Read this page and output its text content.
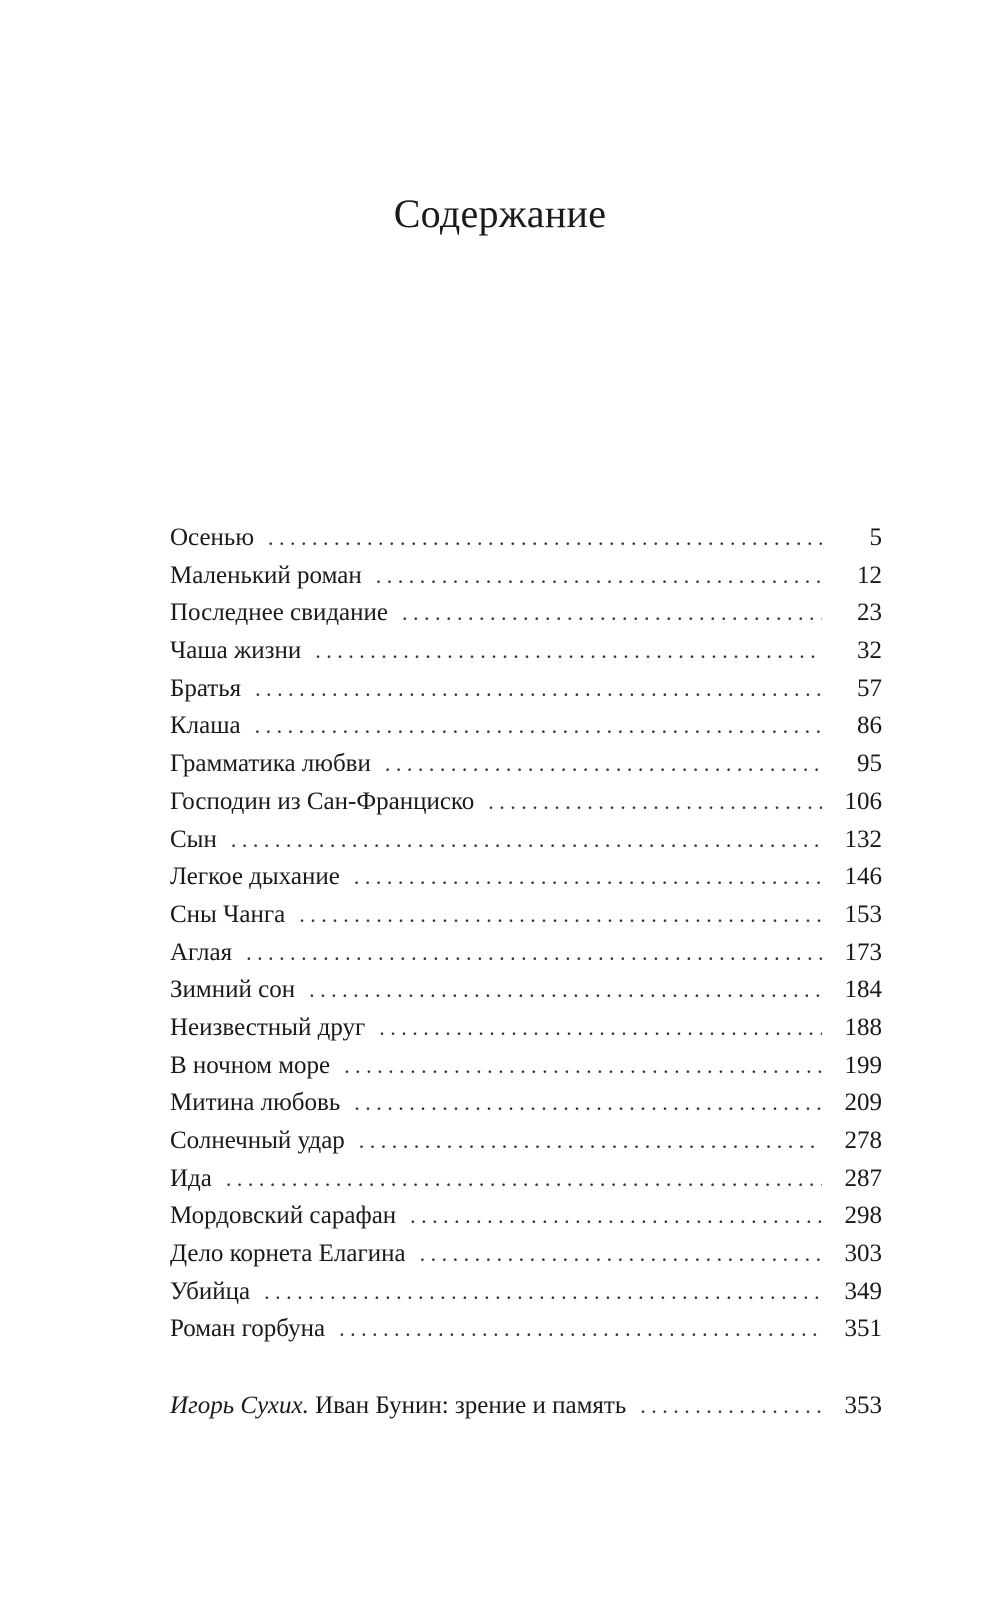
Содержание
Осенью . . .	5
Маленький роман . . .	12
Последнее свидание . . .	23
Чаша жизни . . .	32
Братья . . .	57
Клаша . . .	86
Грамматика любви . . .	95
Господин из Сан-Франциско . . .	106
Сын . . .	132
Легкое дыхание . . .	146
Сны Чанга . . .	153
Аглая . . .	173
Зимний сон . . .	184
Неизвестный друг . . .	188
В ночном море . . .	199
Митина любовь . . .	209
Солнечный удар . . .	278
Ида . . .	287
Мордовский сарафан . . .	298
Дело корнета Елагина . . .	303
Убийца . . .	349
Роман горбуна . . .	351
Игорь Сухих. Иван Бунин: зрение и память . . .	353
